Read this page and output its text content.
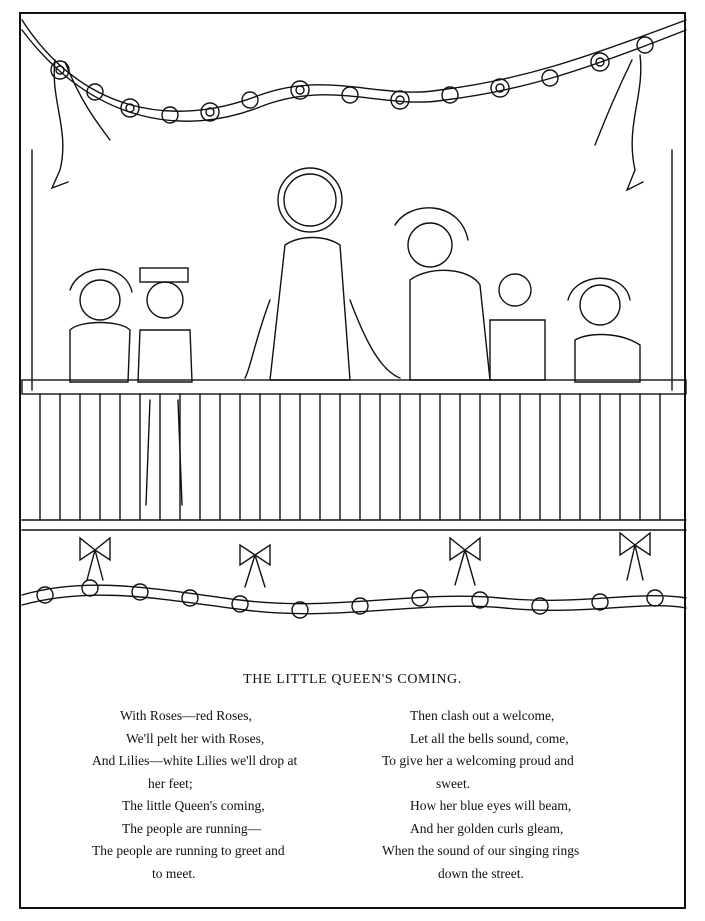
THE LITTLE QUEEN'S COMING.
With Roses—red Roses,
We'll pelt her with Roses,
And Lilies—white Lilies we'll drop at
her feet;
The little Queen's coming,
The people are running—
The people are running to greet and
to meet.
Then clash out a welcome,
Let all the bells sound, come,
To give her a welcoming proud and
sweet.
How her blue eyes will beam,
And her golden curls gleam,
When the sound of our singing rings
down the street.
